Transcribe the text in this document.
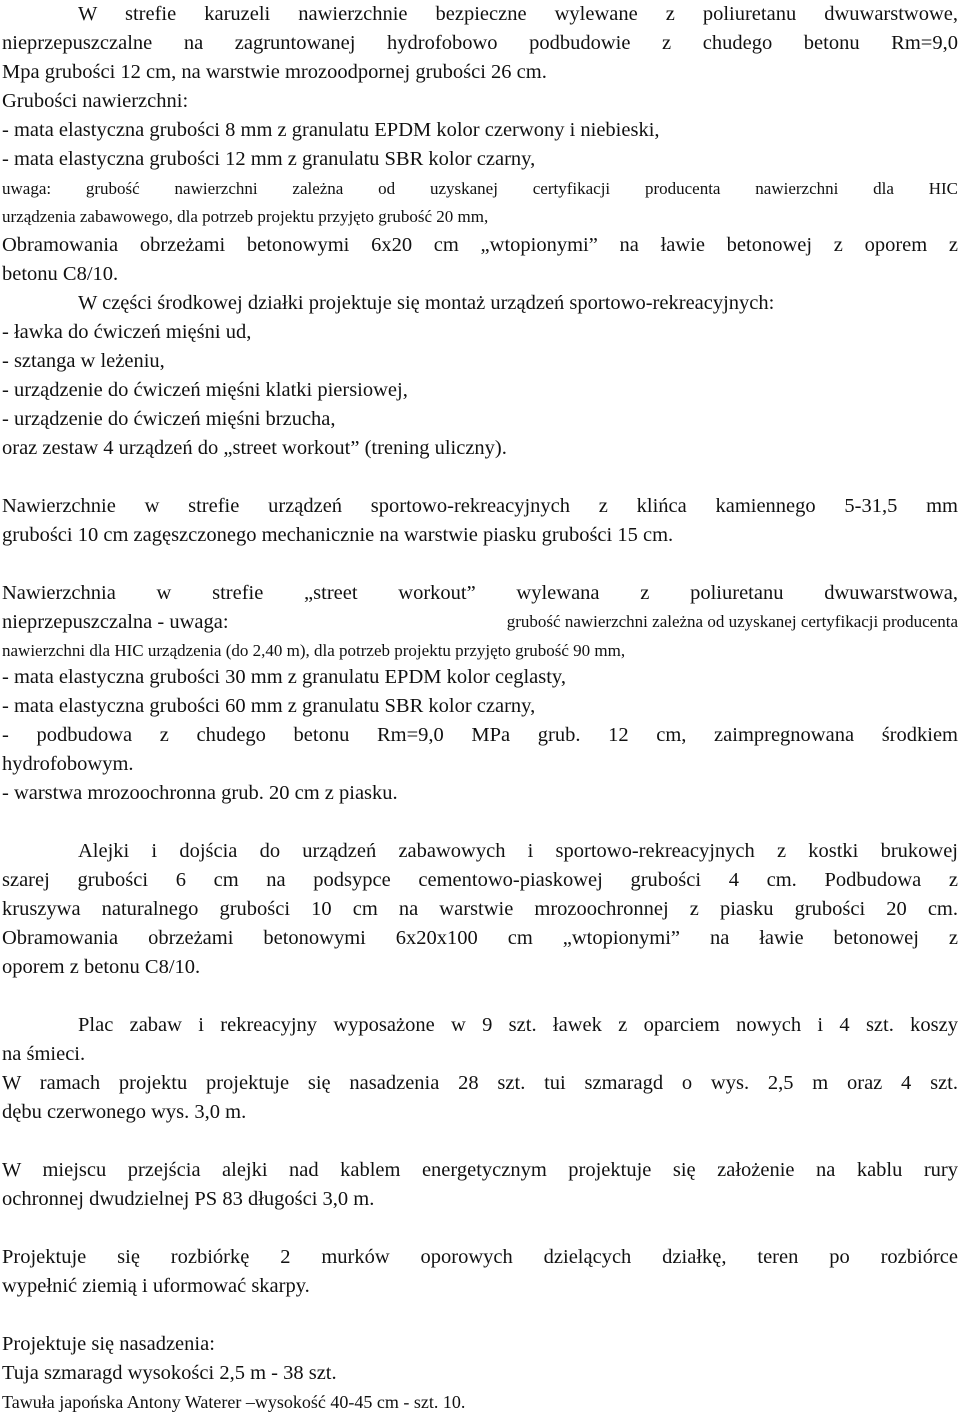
W strefie karuzeli nawierzchnie bezpieczne wylewane z poliuretanu dwuwarstwowe,
nieprzepuszczalne na zagruntowanej hydrofobowo podbudowie z chudego betonu Rm=9,0
Mpa grubości 12 cm, na warstwie mrozoodpornej grubości 26 cm.
Grubości nawierzchni:
- mata elastyczna grubości 8 mm z granulatu EPDM kolor czerwony i niebieski,
- mata elastyczna grubości 12 mm z granulatu SBR kolor czarny,
uwaga: grubość nawierzchni zależna od uzyskanej certyfikacji producenta nawierzchni dla HIC
urządzenia zabawowego, dla potrzeb projektu przyjęto grubość 20 mm,
Obramowania obrzeżami betonowymi 6x20 cm „wtopionymi” na ławie betonowej z oporem z
betonu C8/10.
W części środkowej działki projektuje się montaż urządzeń sportowo-rekreacyjnych:
- ławka do ćwiczeń mięśni ud,
- sztanga w leżeniu,
- urządzenie do ćwiczeń mięśni klatki piersiowej,
- urządzenie do ćwiczeń mięśni brzucha,
oraz zestaw 4 urządzeń do „street workout” (trening uliczny).
Nawierzchnie w strefie urządzeń sportowo-rekreacyjnych z klińca kamiennego 5-31,5 mm
grubości 10 cm zagęszczonego mechanicznie na warstwie piasku grubości 15 cm.
Nawierzchnia w strefie „street workout” wylewana z poliuretanu dwuwarstwowa,
nieprzepuszczalna - uwaga:	grubość nawierzchni zależna od uzyskanej certyfikacji producenta
nawierzchni dla HIC urządzenia (do 2,40 m), dla potrzeb projektu przyjęto grubość 90 mm,
- mata elastyczna grubości 30 mm z granulatu EPDM kolor ceglasty,
- mata elastyczna grubości 60 mm z granulatu SBR kolor czarny,
- podbudowa z chudego betonu Rm=9,0 MPa grub. 12 cm, zaimpregnowana środkiem
hydrofobowym.
- warstwa mrozoochronna grub. 20 cm z piasku.
Alejki i dojścia do urządzeń zabawowych i sportowo-rekreacyjnych z kostki brukowej
szarej grubości 6 cm na podsypce cementowo-piaskowej grubości 4 cm. Podbudowa z
kruszywa naturalnego grubości 10 cm na warstwie mrozoochronnej z piasku grubości 20 cm.
Obramowania obrzeżami betonowymi 6x20x100 cm „wtopionymi” na ławie betonowej z
oporem z betonu C8/10.
Plac zabaw i rekreacyjny wyposażone w 9 szt. ławek z oparciem nowych i 4 szt. koszy
na śmieci.
W ramach projektu projektuje się nasadzenia 28 szt. tui szmaragd o wys. 2,5 m oraz 4 szt.
dębu czerwonego wys. 3,0 m.
W miejscu przejścia alejki nad kablem energetycznym projektuje się założenie na kablu rury
ochronnej dwudzielnej PS 83 długości 3,0 m.
Projektuje się rozbiórkę 2 murków oporowych dzielących działkę, teren po rozbiórce
wypełnić ziemią i uformować skarpy.
Projektuje się nasadzenia:
Tuja szmaragd wysokości 2,5 m - 38 szt.
Tawuła japońska Antony Waterer –wysokość 40-45 cm - szt. 10.
